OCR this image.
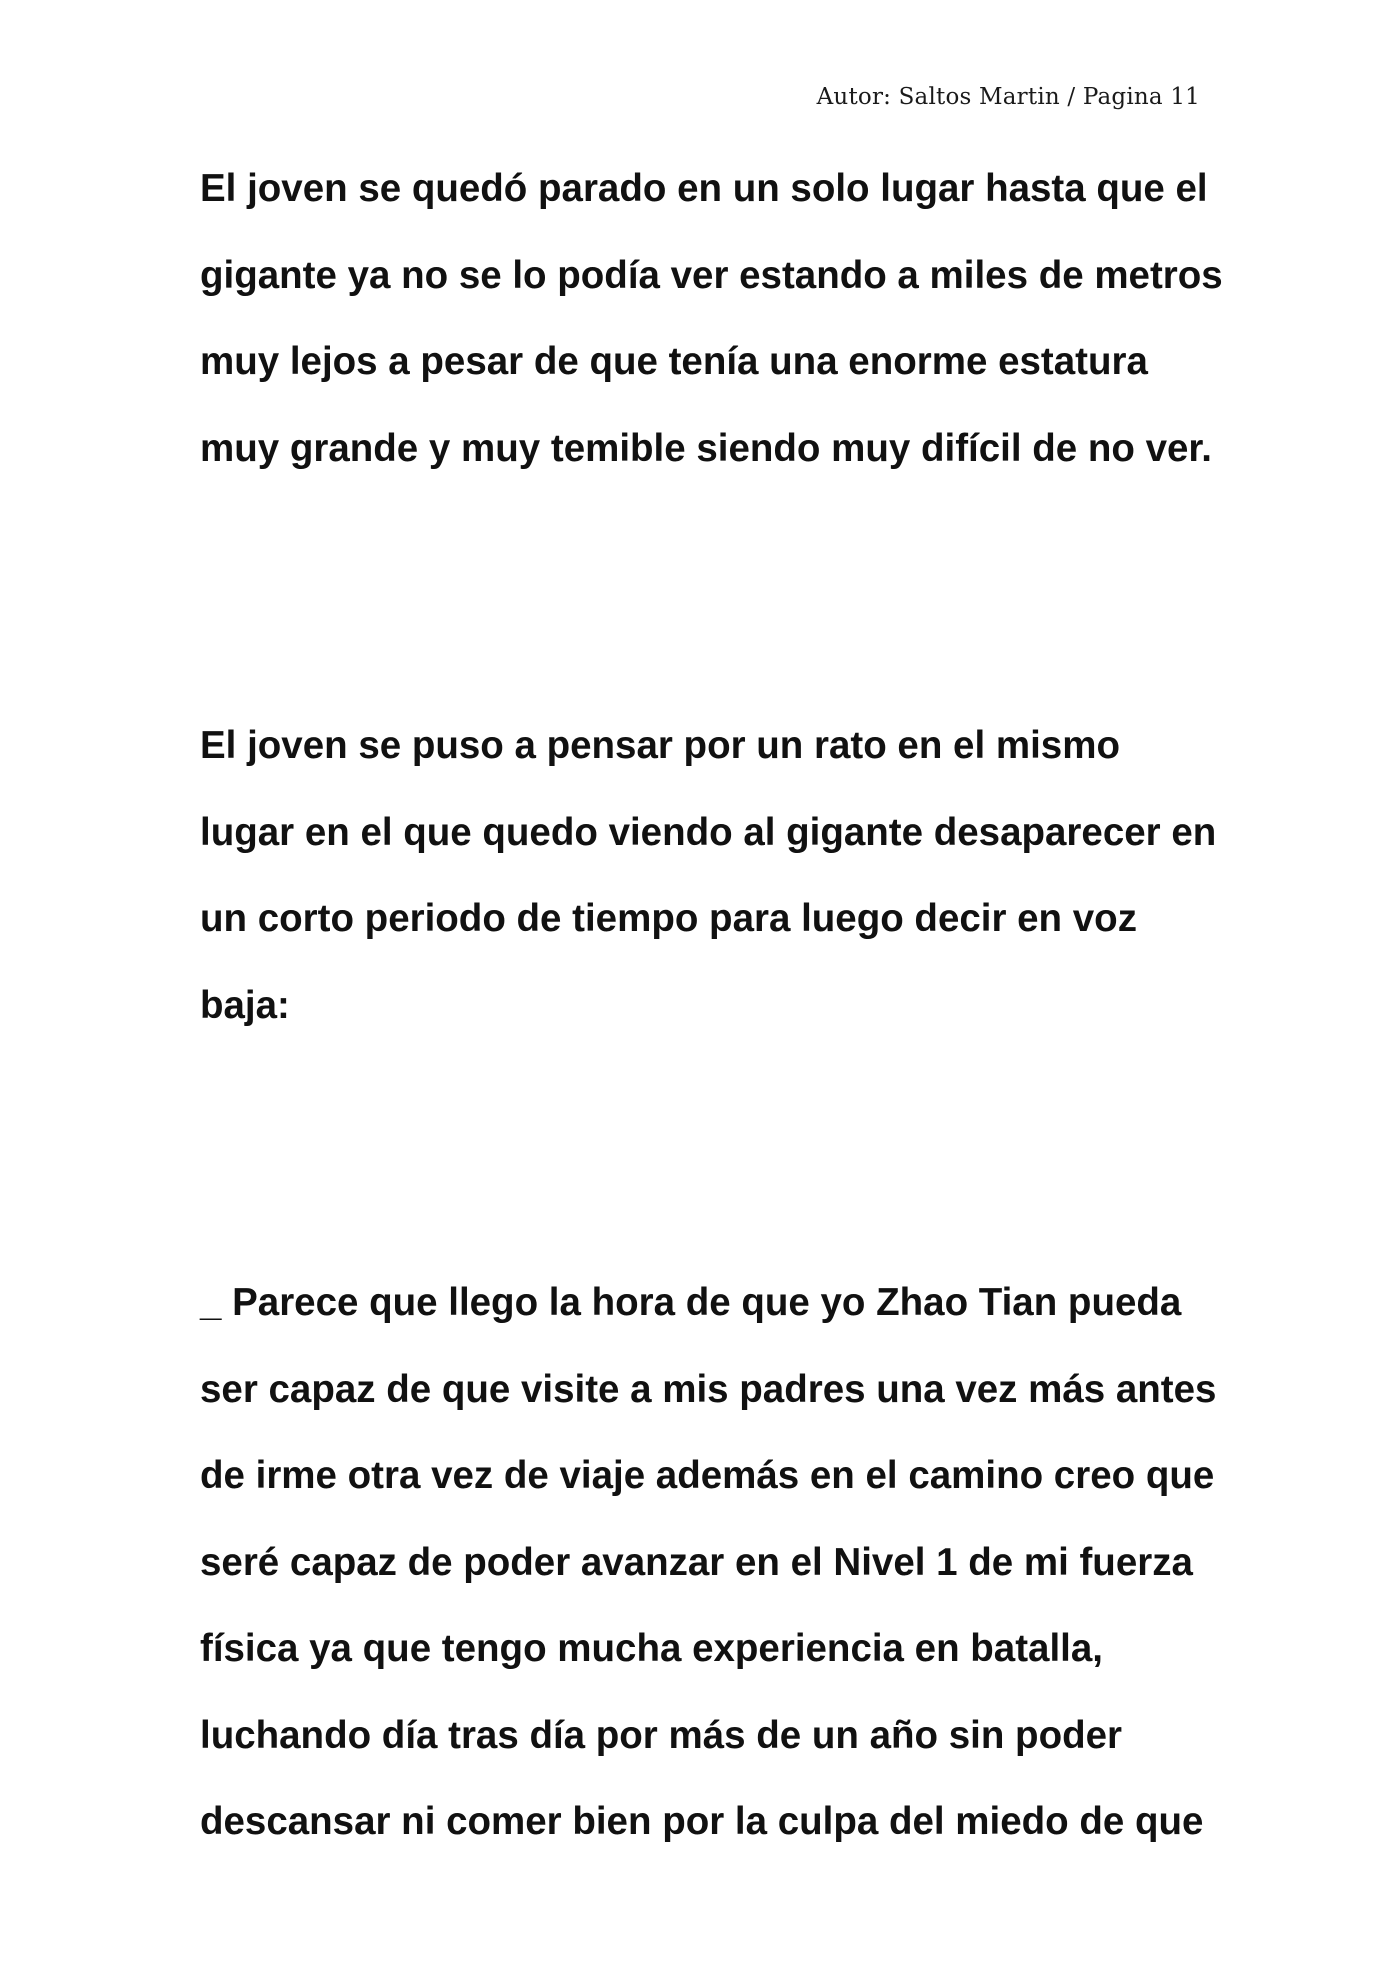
Autor: Saltos Martin / Pagina 11
El joven se quedó parado en un solo lugar hasta que el
gigante ya no se lo podía ver estando a miles de metros
muy lejos a pesar de que tenía una enorme estatura
muy grande y muy temible siendo muy difícil de no ver.
El joven se puso a pensar por un rato en el mismo
lugar en el que quedo viendo al gigante desaparecer en
un corto periodo de tiempo para luego decir en voz
baja:
_ Parece que llego la hora de que yo Zhao Tian pueda
ser capaz de que visite a mis padres una vez más antes
de irme otra vez de viaje además en el camino creo que
seré capaz de poder avanzar en el Nivel 1 de mi fuerza
física ya que tengo mucha experiencia en batalla,
luchando día tras día por más de un año sin poder
descansar ni comer bien por la culpa del miedo de que
